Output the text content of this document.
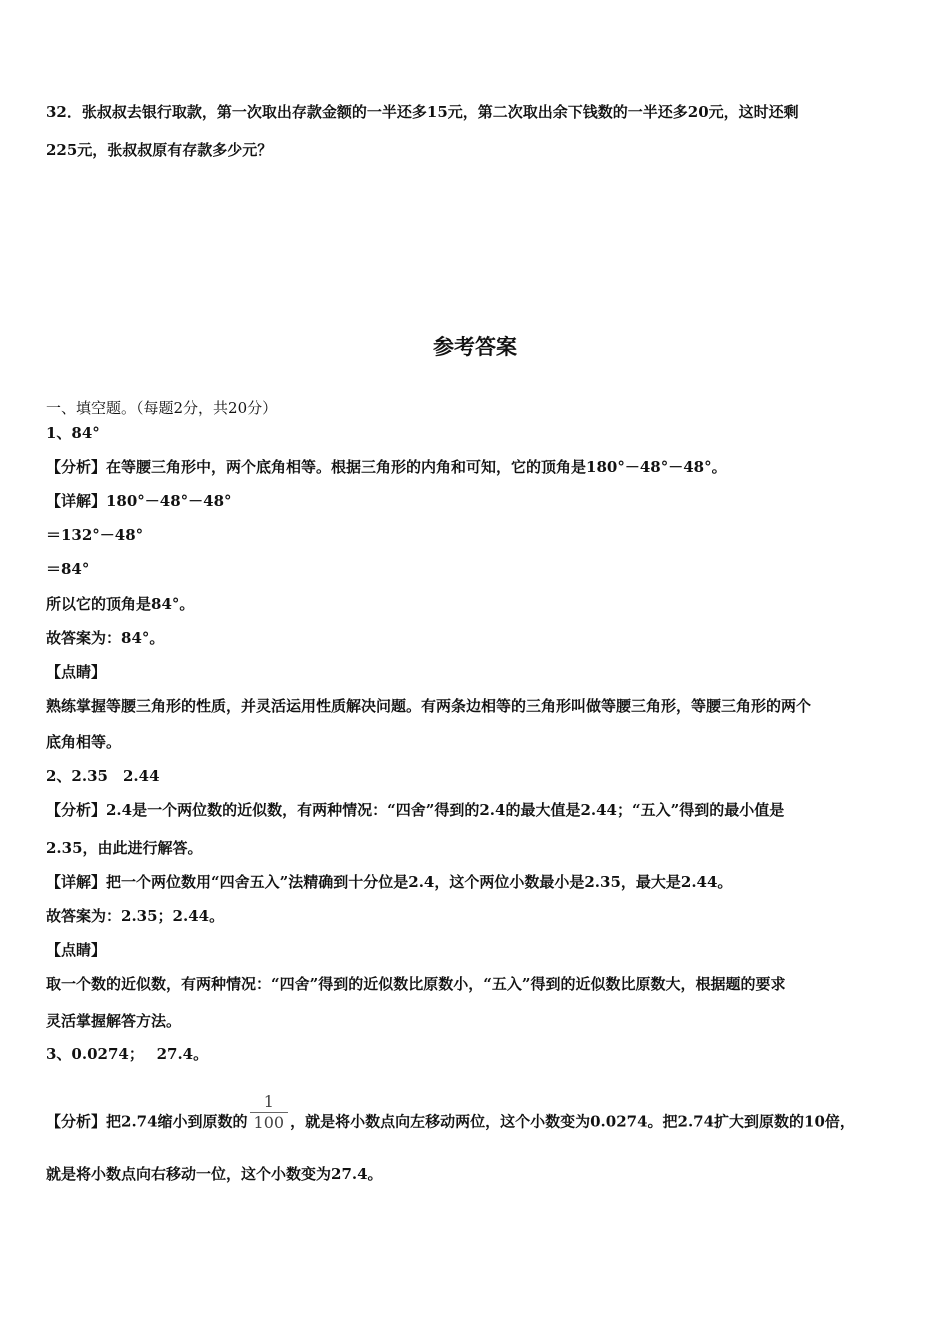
32．张叔叔去银行取款，第一次取出存款金额的一半还多15元，第二次取出余下钱数的一半还多20元，这时还剩
225元，张叔叔原有存款多少元？
参考答案
一、填空题。（每题2分，共20分）
1、84°
【分析】在等腰三角形中，两个底角相等。根据三角形的内角和可知，它的顶角是180°－48°－48°。
【详解】180°－48°－48°
＝132°－48°
＝84°
所以它的顶角是84°。
故答案为：84°。
【点睛】
熟练掌握等腰三角形的性质，并灵活运用性质解决问题。有两条边相等的三角形叫做等腰三角形，等腰三角形的两个
底角相等。
2、2.35　2.44
【分析】2.4是一个两位数的近似数，有两种情况：“四舍”得到的2.4的最大值是2.44；“五入”得到的最小值是
2.35，由此进行解答。
【详解】把一个两位数用“四舍五入”法精确到十分位是2.4，这个两位小数最小是2.35，最大是2.44。
故答案为：2.35；2.44。
【点睛】
取一个数的近似数，有两种情况：“四舍”得到的近似数比原数小，“五入”得到的近似数比原数大，根据题的要求
灵活掌握解答方法。
3、0.0274；　 27.4。
【分析】把2.74缩小到原数的 $\frac{1}{100}$ ，就是将小数点向左移动两位，这个小数变为0.0274。把2.74扩大到原数的10倍，
就是将小数点向右移动一位，这个小数变为27.4。
